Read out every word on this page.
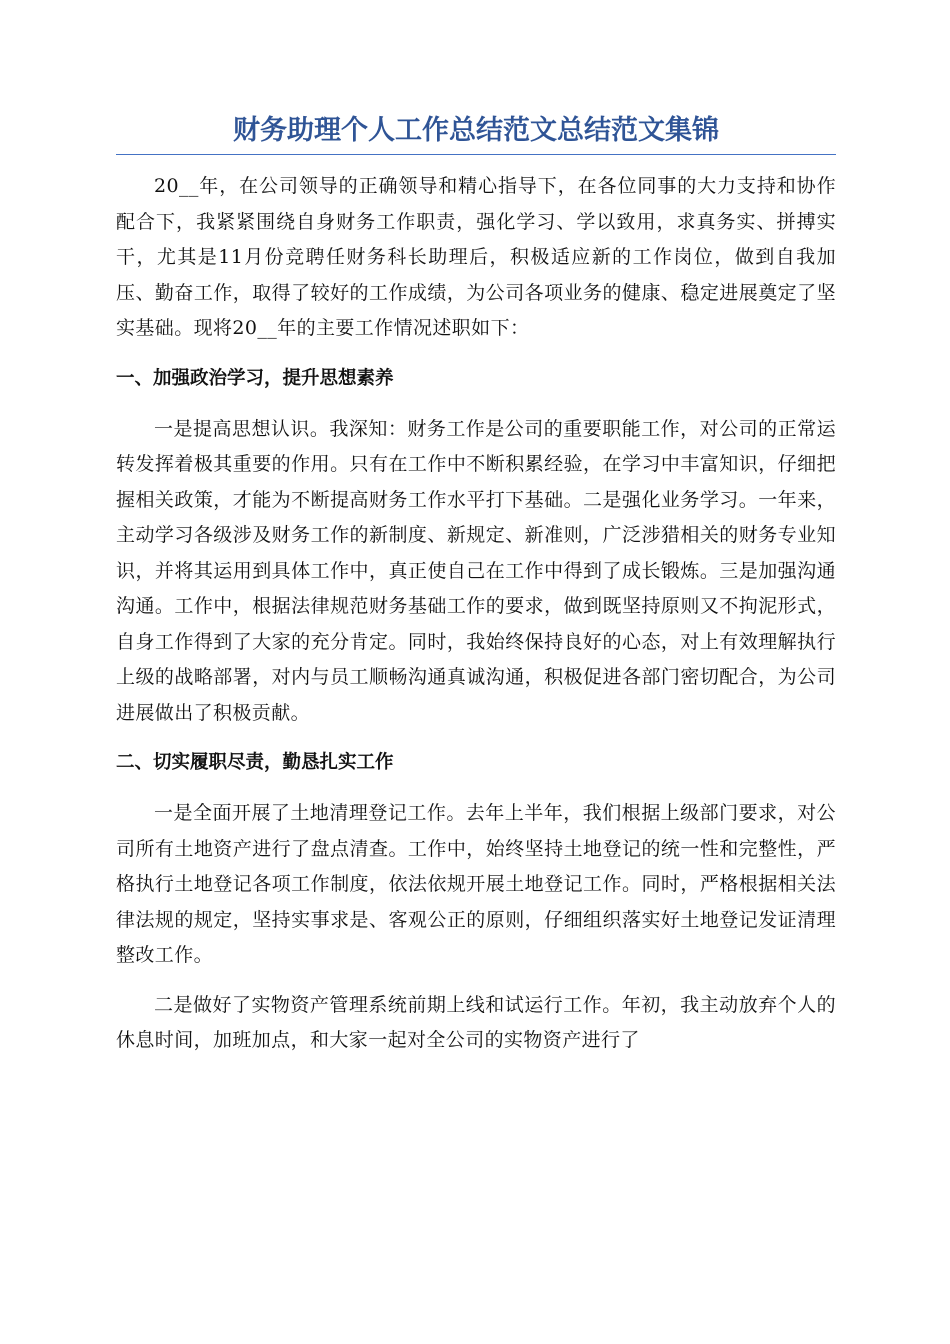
财务助理个人工作总结范文总结范文集锦

20__年，在公司领导的正确领导和精心指导下，在各位同事的大力支持和协作配合下，我紧紧围绕自身财务工作职责，强化学习、学以致用，求真务实、拼搏实干，尤其是11月份竞聘任财务科长助理后，积极适应新的工作岗位，做到自我加压、勤奋工作，取得了较好的工作成绩，为公司各项业务的健康、稳定进展奠定了坚实基础。现将20__年的主要工作情况述职如下：

一、加强政治学习，提升思想素养

一是提高思想认识。我深知：财务工作是公司的重要职能工作，对公司的正常运转发挥着极其重要的作用。只有在工作中不断积累经验，在学习中丰富知识，仔细把握相关政策，才能为不断提高财务工作水平打下基础。二是强化业务学习。一年来，主动学习各级涉及财务工作的新制度、新规定、新准则，广泛涉猎相关的财务专业知识，并将其运用到具体工作中，真正使自己在工作中得到了成长锻炼。三是加强沟通沟通。工作中，根据法律规范财务基础工作的要求，做到既坚持原则又不拘泥形式，自身工作得到了大家的充分肯定。同时，我始终保持良好的心态，对上有效理解执行上级的战略部署，对内与员工顺畅沟通真诚沟通，积极促进各部门密切配合，为公司进展做出了积极贡献。

二、切实履职尽责，勤恳扎实工作

一是全面开展了土地清理登记工作。去年上半年，我们根据上级部门要求，对公司所有土地资产进行了盘点清查。工作中，始终坚持土地登记的统一性和完整性，严格执行土地登记各项工作制度，依法依规开展土地登记工作。同时，严格根据相关法律法规的规定，坚持实事求是、客观公正的原则，仔细组织落实好土地登记发证清理整改工作。

二是做好了实物资产管理系统前期上线和试运行工作。年初，我主动放弃个人的休息时间，加班加点，和大家一起对全公司的实物资产进行了
